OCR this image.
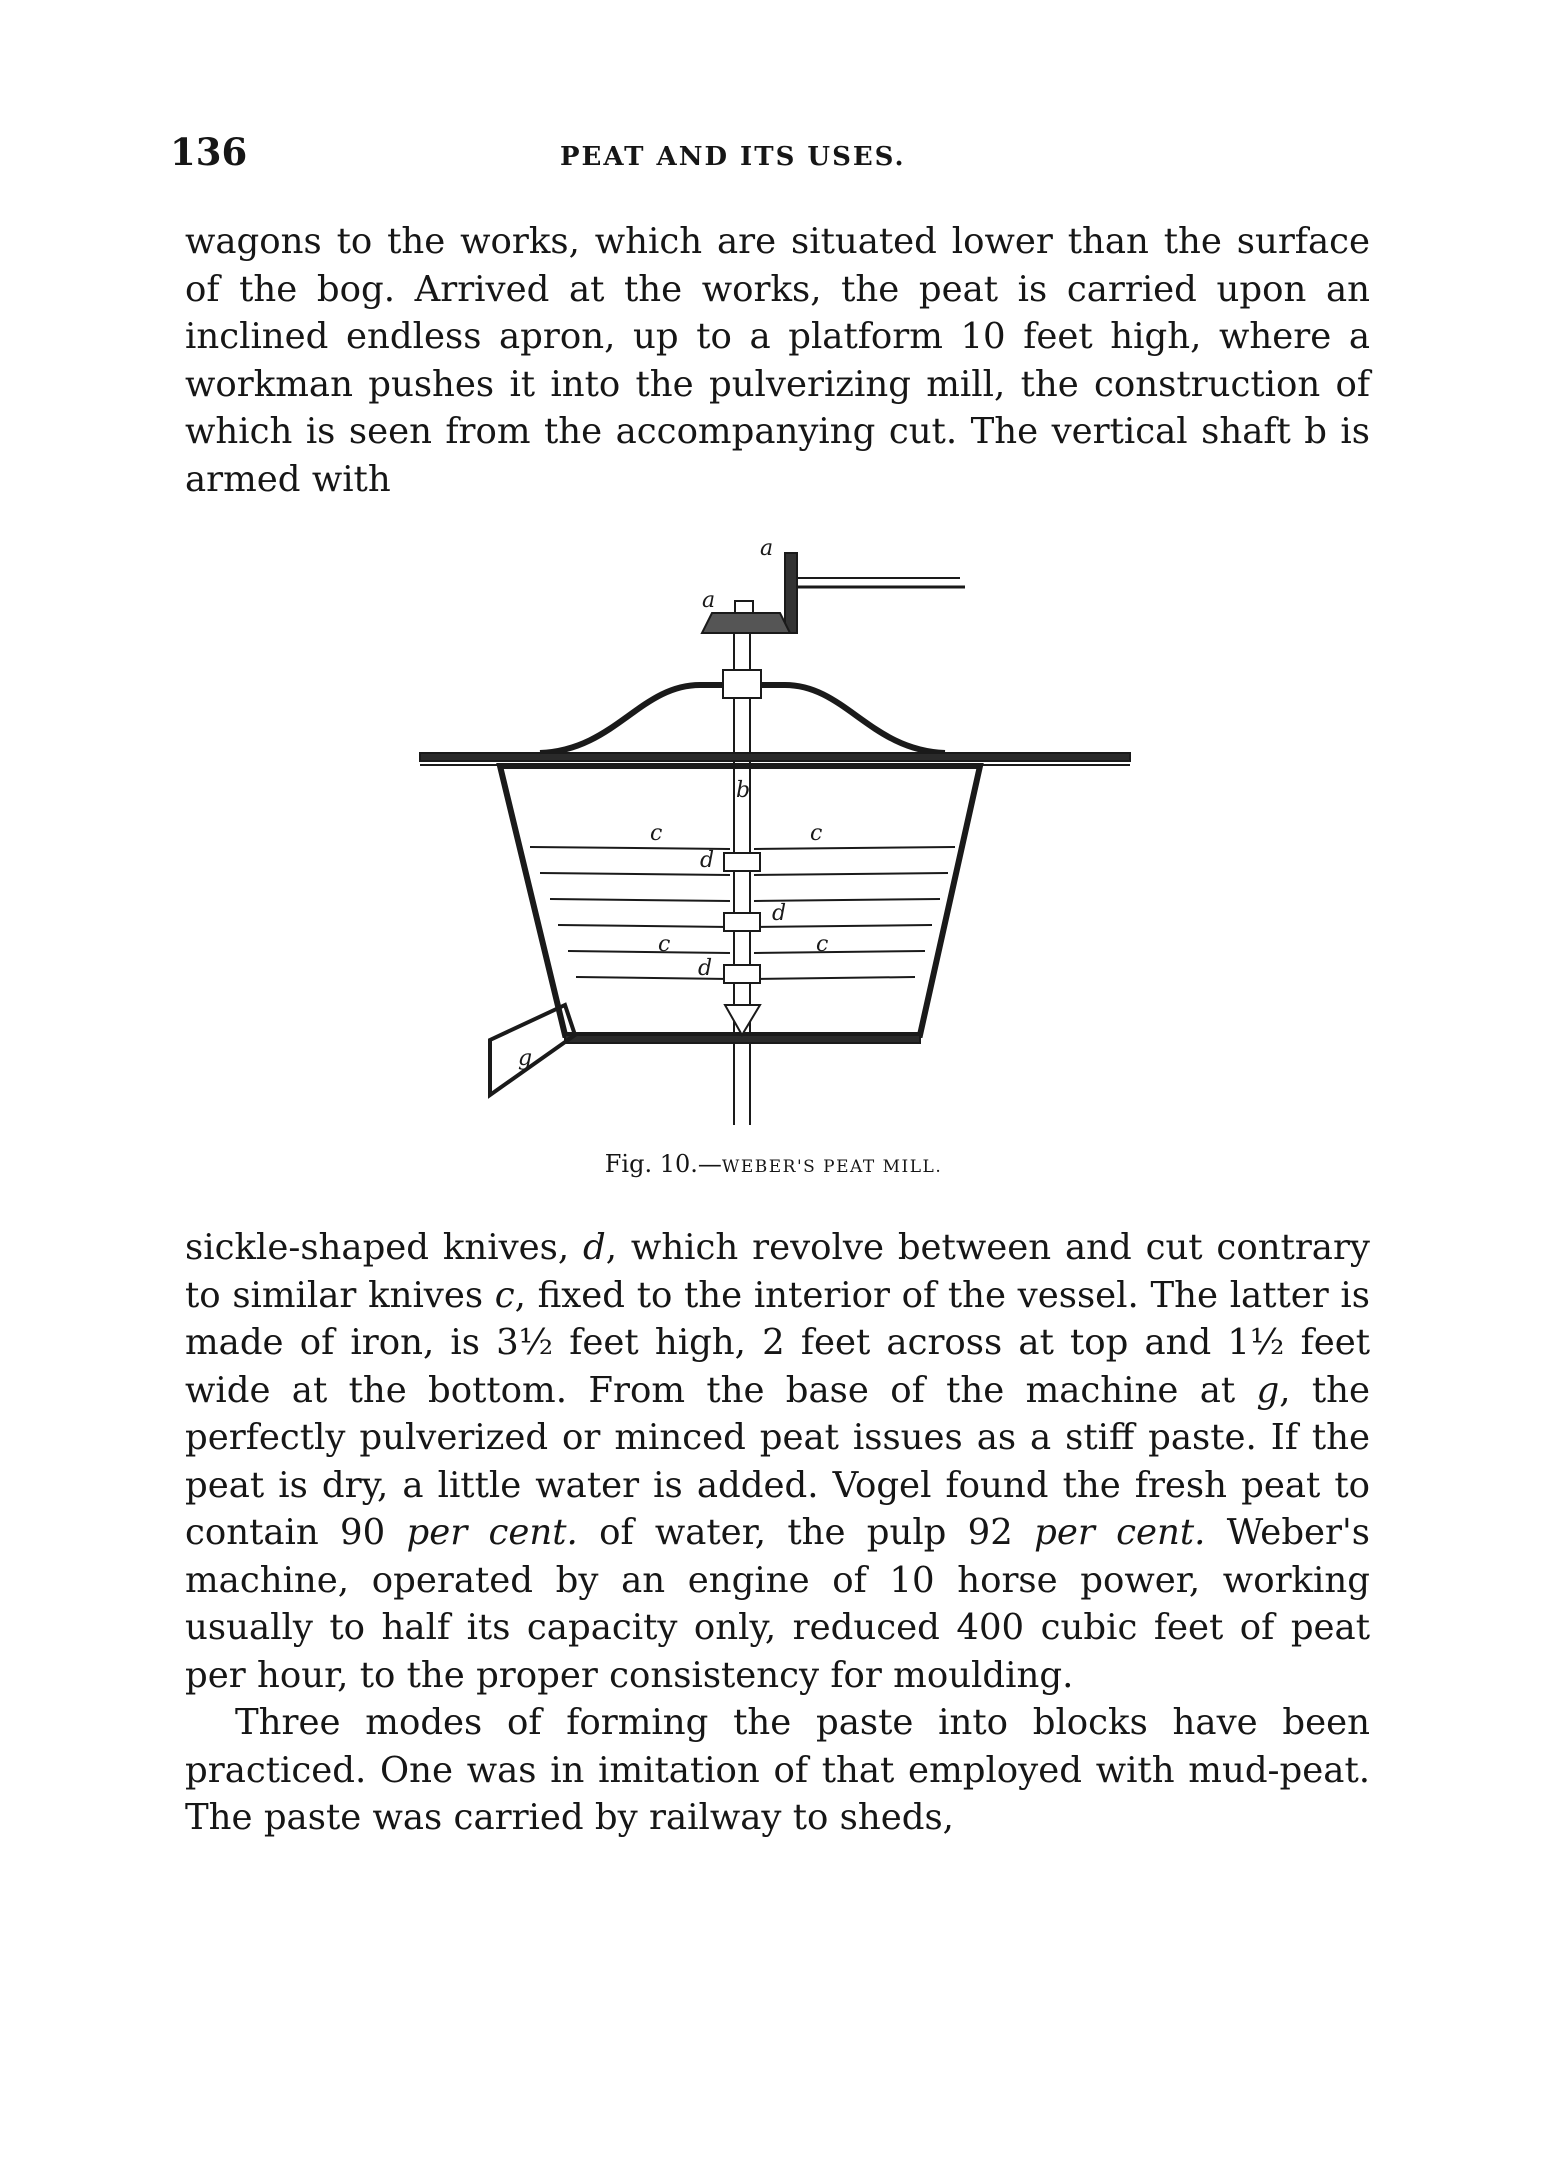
136	PEAT AND ITS USES.

wagons to the works, which are situated lower than the surface of the bog. Arrived at the works, the peat is carried upon an inclined endless apron, up to a platform 10 feet high, where a workman pushes it into the pulverizing mill, the construction of which is seen from the accompanying cut. The vertical shaft b is armed with

a
a
b
c	c
d
d
c	c
d
g
Fig. 10.—WEBER'S PEAT MILL.

sickle-shaped knives, d, which revolve between and cut contrary to similar knives c, fixed to the interior of the vessel. The latter is made of iron, is 3½ feet high, 2 feet across at top and 1½ feet wide at the bottom. From the base of the machine at g, the perfectly pulverized or minced peat issues as a stiff paste. If the peat is dry, a little water is added. Vogel found the fresh peat to contain 90 per cent. of water, the pulp 92 per cent. Weber's machine, operated by an engine of 10 horse power, working usually to half its capacity only, reduced 400 cubic feet of peat per hour, to the proper consistency for moulding.

Three modes of forming the paste into blocks have been practiced. One was in imitation of that employed with mud-peat. The paste was carried by railway to sheds,
